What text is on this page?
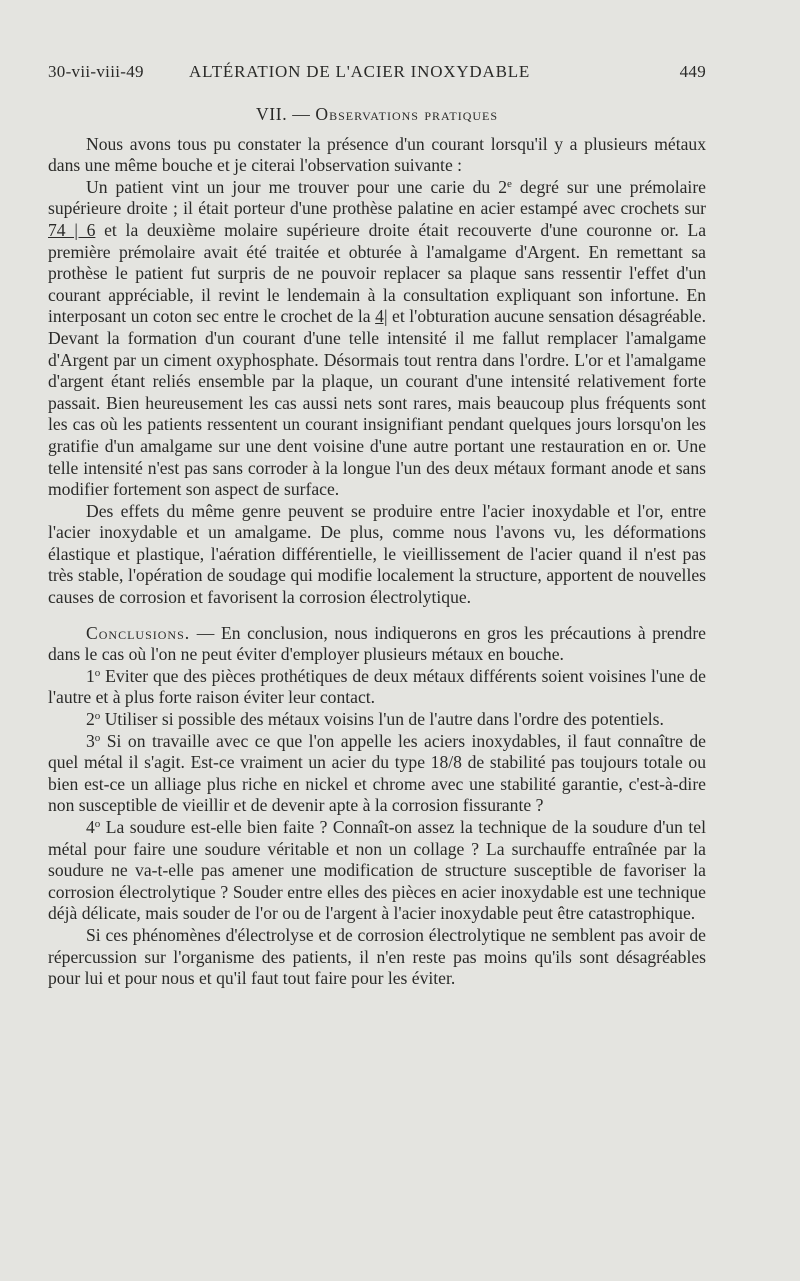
30-vii-viii-49	ALTÉRATION DE L'ACIER INOXYDABLE	449
VII. — Observations pratiques

Nous avons tous pu constater la présence d'un courant lorsqu'il y a plusieurs métaux dans une même bouche et je citerai l'observation suivante :

Un patient vint un jour me trouver pour une carie du 2e degré sur une prémolaire supérieure droite ; il était porteur d'une prothèse palatine en acier estampé avec crochets sur 74 | 6 et la deuxième molaire supérieure droite était recouverte d'une couronne or. La première prémolaire avait été traitée et obturée à l'amalgame d'Argent. En remettant sa prothèse le patient fut surpris de ne pouvoir replacer sa plaque sans ressentir l'effet d'un courant appréciable, il revint le lendemain à la consultation expliquant son infortune. En interposant un coton sec entre le crochet de la 4| et l'obturation aucune sensation désagréable. Devant la formation d'un courant d'une telle intensité il me fallut remplacer l'amalgame d'Argent par un ciment oxyphosphate. Désormais tout rentra dans l'ordre. L'or et l'amalgame d'argent étant reliés ensemble par la plaque, un courant d'une intensité relativement forte passait. Bien heureusement les cas aussi nets sont rares, mais beaucoup plus fréquents sont les cas où les patients ressentent un courant insignifiant pendant quelques jours lorsqu'on les gratifie d'un amalgame sur une dent voisine d'une autre portant une restauration en or. Une telle intensité n'est pas sans corroder à la longue l'un des deux métaux formant anode et sans modifier fortement son aspect de surface.

Des effets du même genre peuvent se produire entre l'acier inoxydable et l'or, entre l'acier inoxydable et un amalgame. De plus, comme nous l'avons vu, les déformations élastique et plastique, l'aération différentielle, le vieillissement de l'acier quand il n'est pas très stable, l'opération de soudage qui modifie localement la structure, apportent de nouvelles causes de corrosion et favorisent la corrosion électrolytique.

Conclusions. — En conclusion, nous indiquerons en gros les précautions à prendre dans le cas où l'on ne peut éviter d'employer plusieurs métaux en bouche.

1$^o$ Eviter que des pièces prothétiques de deux métaux différents soient voisines l'une de l'autre et à plus forte raison éviter leur contact.

2$^o$ Utiliser si possible des métaux voisins l'un de l'autre dans l'ordre des potentiels.

3$^o$ Si on travaille avec ce que l'on appelle les aciers inoxydables, il faut connaître de quel métal il s'agit. Est-ce vraiment un acier du type 18/8 de stabilité pas toujours totale ou bien est-ce un alliage plus riche en nickel et chrome avec une stabilité garantie, c'est-à-dire non susceptible de vieillir et de devenir apte à la corrosion fissurante ?

4$^o$ La soudure est-elle bien faite ? Connaît-on assez la technique de la soudure d'un tel métal pour faire une soudure véritable et non un collage ? La surchauffe entraînée par la soudure ne va-t-elle pas amener une modification de structure susceptible de favoriser la corrosion électrolytique ? Souder entre elles des pièces en acier inoxydable est une technique déjà délicate, mais souder de l'or ou de l'argent à l'acier inoxydable peut être catastrophique.

Si ces phénomènes d'électrolyse et de corrosion électrolytique ne semblent pas avoir de répercussion sur l'organisme des patients, il n'en reste pas moins qu'ils sont désagréables pour lui et pour nous et qu'il faut tout faire pour les éviter.
